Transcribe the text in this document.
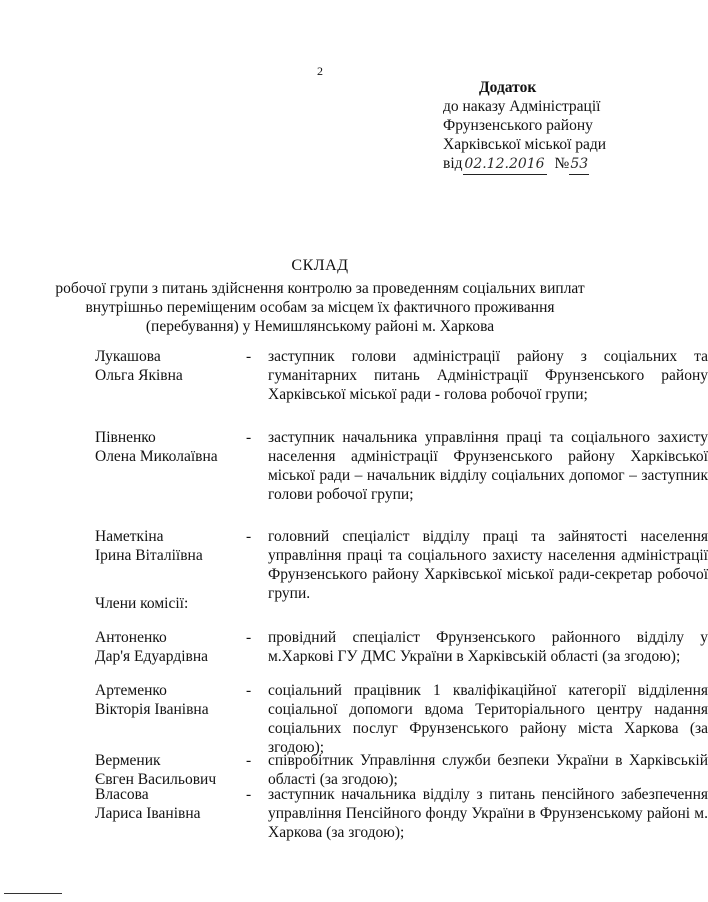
2
Додаток
до наказу Адміністрації
Фрунзенського району
Харківської міської ради
від 02.12.2016 № 53
СКЛАД
робочої групи з питань здійснення контролю за проведенням соціальних виплат
внутрішньо переміщеним особам за місцем їх фактичного проживання
(перебування) у Немишлянському районі м. Харкова
Лукашова
Ольга Яківна
- заступник голови адміністрації району з соціальних та гуманітарних питань Адміністрації Фрунзенського району Харківської міської ради - голова робочої групи;
Півненко
Олена Миколаївна
- заступник начальника управління праці та соціального захисту населення адміністрації Фрунзенського району Харківської міської ради – начальник відділу соціальних допомог – заступник голови робочої групи;
Наметкіна
Ірина Віталіївна
- головний спеціаліст відділу праці та зайнятості населення управління праці та соціального захисту населення адміністрації Фрунзенського району Харківської міської ради-секретар робочої групи.
Члени комісії:
Антоненко
Дар'я Едуардівна
- провідний спеціаліст Фрунзенського районного відділу у м.Харкові ГУ ДМС України в Харківській області (за згодою);
Артеменко
Вікторія Іванівна
- соціальний працівник 1 кваліфікаційної категорії відділення соціальної допомоги вдома Територіального центру надання соціальних послуг Фрунзенського району міста Харкова (за згодою);
Верменик
Євген Васильович
- співробітник Управління служби безпеки України в Харківській області (за згодою);
Власова
Лариса Іванівна
- заступник начальника відділу з питань пенсійного забезпечення управління Пенсійного фонду України в Фрунзенському районі м. Харкова (за згодою);
